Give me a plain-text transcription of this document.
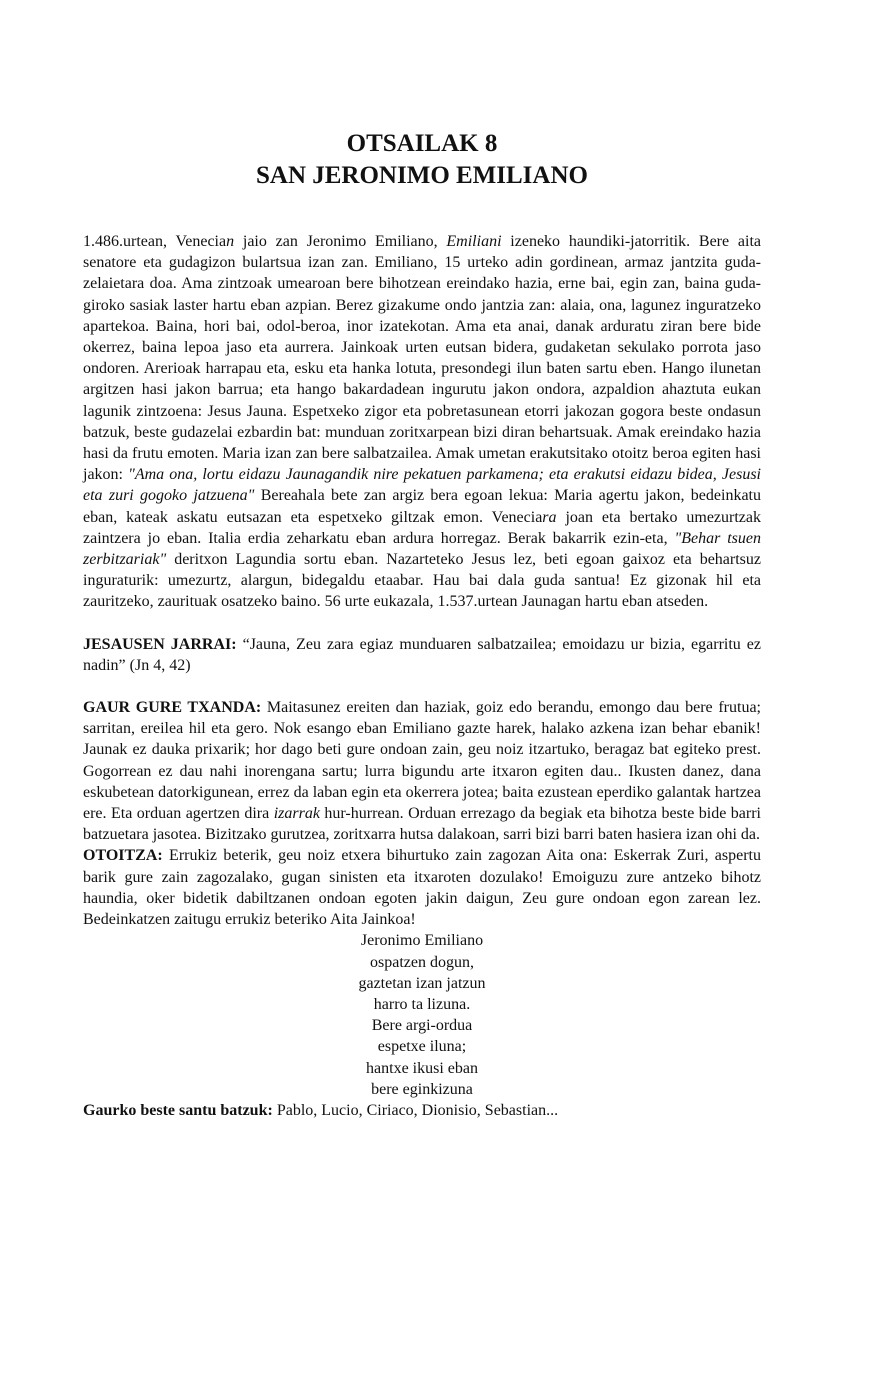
OTSAILAK 8
SAN JERONIMO EMILIANO

1.486.urtean, Venecian jaio zan Jeronimo Emiliano, Emiliani izeneko haundiki-jatorritik. Bere aita senatore eta gudagizon bulartsua izan zan. Emiliano, 15 urteko adin gordinean, armaz jantzita guda-zelaietara doa. Ama zintzoak umearoan bere bihotzean ereindako hazia, erne bai, egin zan, baina guda-giroko sasiak laster hartu eban azpian. Berez gizakume ondo jantzia zan: alaia, ona, lagunez inguratzeko apartekoa. Baina, hori bai, odol-beroa, inor izatekotan. Ama eta anai, danak arduratu ziran bere bide okerrez, baina lepoa jaso eta aurrera. Jainkoak urten eutsan bidera, gudaketan sekulako porrota jaso ondoren. Arerioak harrapau eta, esku eta hanka lotuta, presondegi ilun baten sartu eben. Hango ilunetan argitzen hasi jakon barrua; eta hango bakardadean ingurutu jakon ondora, azpaldion ahaztuta eukan lagunik zintzoena: Jesus Jauna. Espetxeko zigor eta pobretasunean etorri jakozan gogora beste ondasun batzuk, beste gudazelai ezbardin bat: munduan zoritxarpean bizi diran behartsuak. Amak ereindako hazia hasi da frutu emoten. Maria izan zan bere salbatzailea. Amak umetan erakutsitako otoitz beroa egiten hasi jakon: "Ama ona, lortu eidazu Jaunagandik nire pekatuen parkamena; eta erakutsi eidazu bidea, Jesusi eta zuri gogoko jatzuena" Bereahala bete zan argiz bera egoan lekua: Maria agertu jakon, bedeinkatu eban, kateak askatu eutsazan eta espetxeko giltzak emon. Veneciara joan eta bertako umezurtzak zaintzera jo eban. Italia erdia zeharkatu eban ardura horregaz. Berak bakarrik ezin-eta, "Behar tsuen zerbitzariak" deritxon Lagundia sortu eban. Nazarteteko Jesus lez, beti egoan gaixoz eta behartsuz inguraturik: umezurtz, alargun, bidegaldu etaabar. Hau bai dala guda santua! Ez gizonak hil eta zauritzeko, zaurituak osatzeko baino. 56 urte eukazala, 1.537.urtean Jaunagan hartu eban atseden.

JESAUSEN JARRAI: “Jauna, Zeu zara egiaz munduaren salbatzailea; emoidazu ur bizia, egarritu ez nadin” (Jn 4, 42)

GAUR GURE TXANDA: Maitasunez ereiten dan haziak, goiz edo berandu, emongo dau bere frutua; sarritan, ereilea hil eta gero. Nok esango eban Emiliano gazte harek, halako azkena izan behar ebanik! Jaunak ez dauka prixarik; hor dago beti gure ondoan zain, geu noiz itzartuko, beragaz bat egiteko prest. Gogorrean ez dau nahi inorengana sartu; lurra bigundu arte itxaron egiten dau.. Ikusten danez, dana eskubetean datorkigunean, errez da laban egin eta okerrera jotea; baita ezustean eperdiko galantak hartzea ere. Eta orduan agertzen dira izarrak hur-hurrean. Orduan errezago da begiak eta bihotza beste bide barri batzuetara jasotea. Bizitzako gurutzea, zoritxarra hutsa dalakoan, sarri bizi barri baten hasiera izan ohi da.

OTOITZA: Errukiz beterik, geu noiz etxera bihurtuko zain zagozan Aita ona: Eskerrak Zuri, aspertu barik gure zain zagozalako, gugan sinisten eta itxaroten dozulako! Emoiguzu zure antzeko bihotz haundia, oker bidetik dabiltzanen ondoan egoten jakin daigun, Zeu gure ondoan egon zarean lez. Bedeinkatzen zaitugu errukiz beteriko Aita Jainkoa!

Jeronimo Emiliano
ospatzen dogun,
gaztetan izan jatzun
harro ta lizuna.
Bere argi-ordua
espetxe iluna;
hantxe ikusi eban
bere eginkizuna

Gaurko beste santu batzuk: Pablo, Lucio, Ciriaco, Dionisio, Sebastian...
